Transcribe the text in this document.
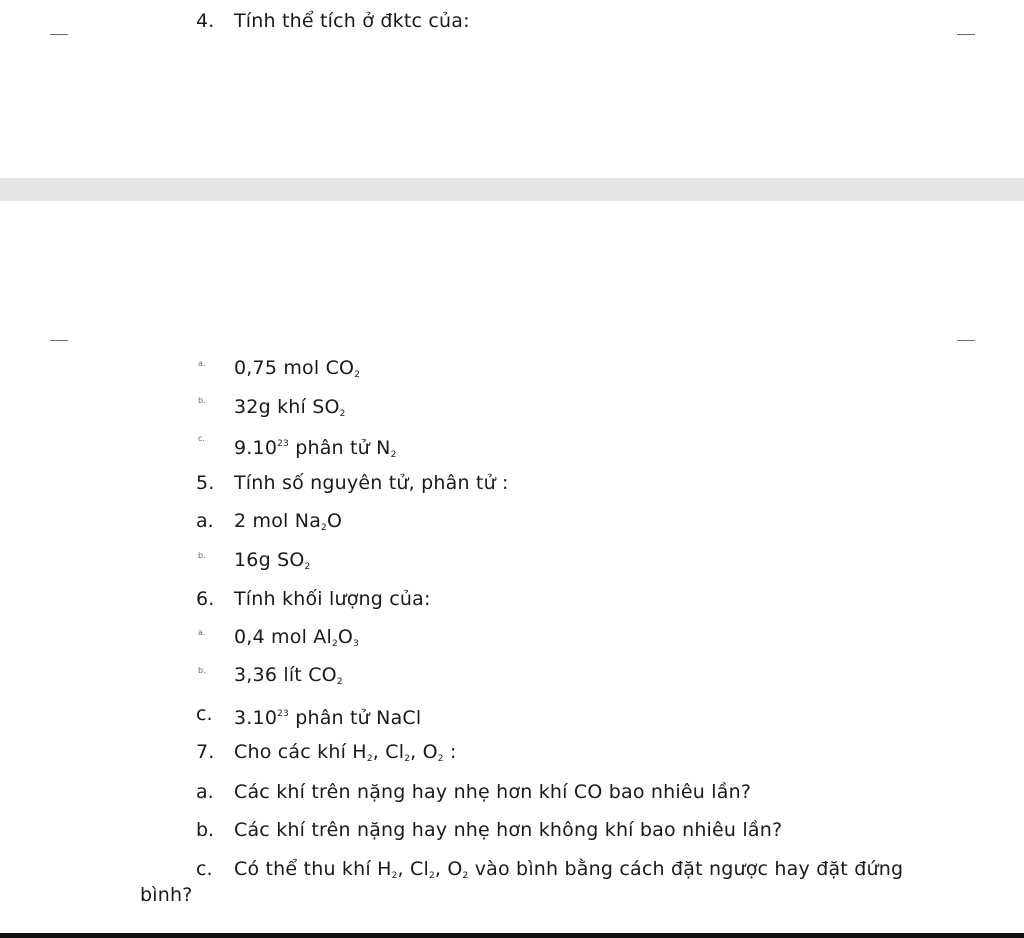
4. Tính thể tích ở đktc của:
a. 0,75 mol $CO_2$
b. 32g khí $SO_2$
c. 9.10$^{23}$ phân tử $N_2$
5. Tính số nguyên tử, phân tử :
a. 2 mol $Na_2O$
b. 16g $SO_2$
6. Tính khối lượng của:
a. 0,4 mol $Al_2O_3$
b. 3,36 lít $CO_2$
c. 3.10$^{23}$ phân tử NaCl
7. Cho các khí $H_2$, $Cl_2$, $O_2$ :
a. Các khí trên nặng hay nhẹ hơn khí CO bao nhiêu lần?
b. Các khí trên nặng hay nhẹ hơn không khí bao nhiêu lần?
c. Có thể thu khí $H_2$, $Cl_2$, $O_2$ vào bình bằng cách đặt ngược hay đặt đứng
bình?
